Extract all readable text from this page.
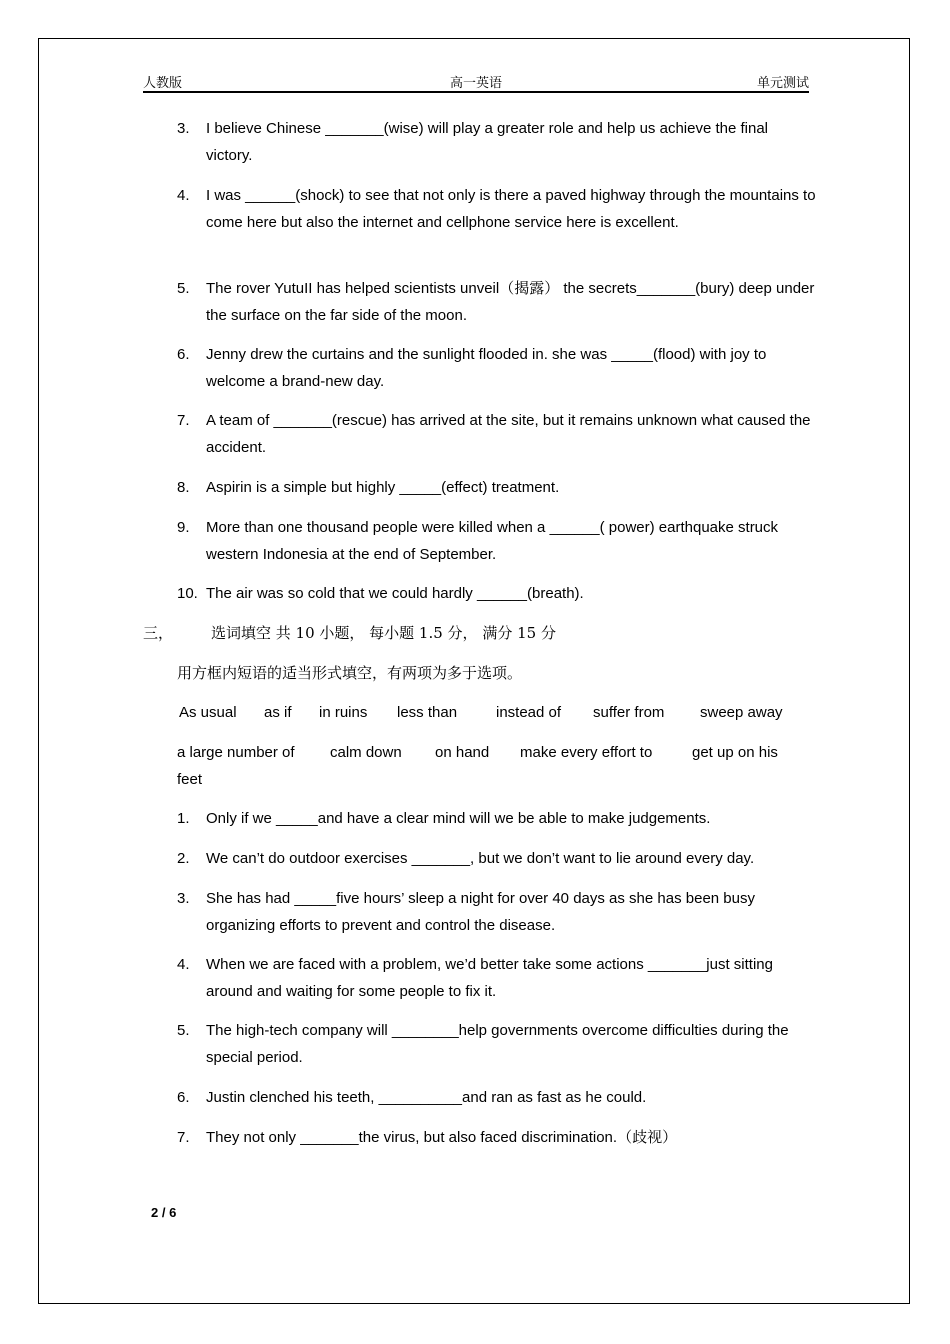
人教版	高一英语	单元测试
3. I believe Chinese _______(wise) will play a greater role and help us achieve the final victory.
4. I was ______(shock) to see that not only is there a paved highway through the mountains to come here but also the internet and cellphone service here is excellent.
5. The rover YutuII has helped scientists unveil（揭露） the secrets_______(bury) deep under the surface on the far side of the moon.
6. Jenny drew the curtains and the sunlight flooded in. she was _____(flood) with joy to welcome a brand-new day.
7. A team of _______(rescue) has arrived at the site, but it remains unknown what caused the accident.
8. Aspirin is a simple but highly _____(effect) treatment.
9. More than one thousand people were killed when a ______( power) earthquake struck western Indonesia at the end of September.
10. The air was so cold that we could hardly ______(breath).
三，	选词填空 共 10 小题， 每小题 1.5 分， 满分 15 分
用方框内短语的适当形式填空，有两项为多于选项。
As usual as if in ruins less than	instead of suffer from sweep away
a large number of calm down on hand make every effort to	get up on his
feet
1. Only if we _____and have a clear mind will we be able to make judgements.
2. We can’t do outdoor exercises _______, but we don’t want to lie around every day.
3. She has had _____five hours’ sleep a night for over 40 days as she has been busy organizing efforts to prevent and control the disease.
4. When we are faced with a problem, we’d better take some actions _______just sitting around and waiting for some people to fix it.
5. The high-tech company will ________help governments overcome difficulties during the special period.
6. Justin clenched his teeth, __________and ran as fast as he could.
7. They not only _______the virus, but also faced discrimination.（歧视）
2 / 6
